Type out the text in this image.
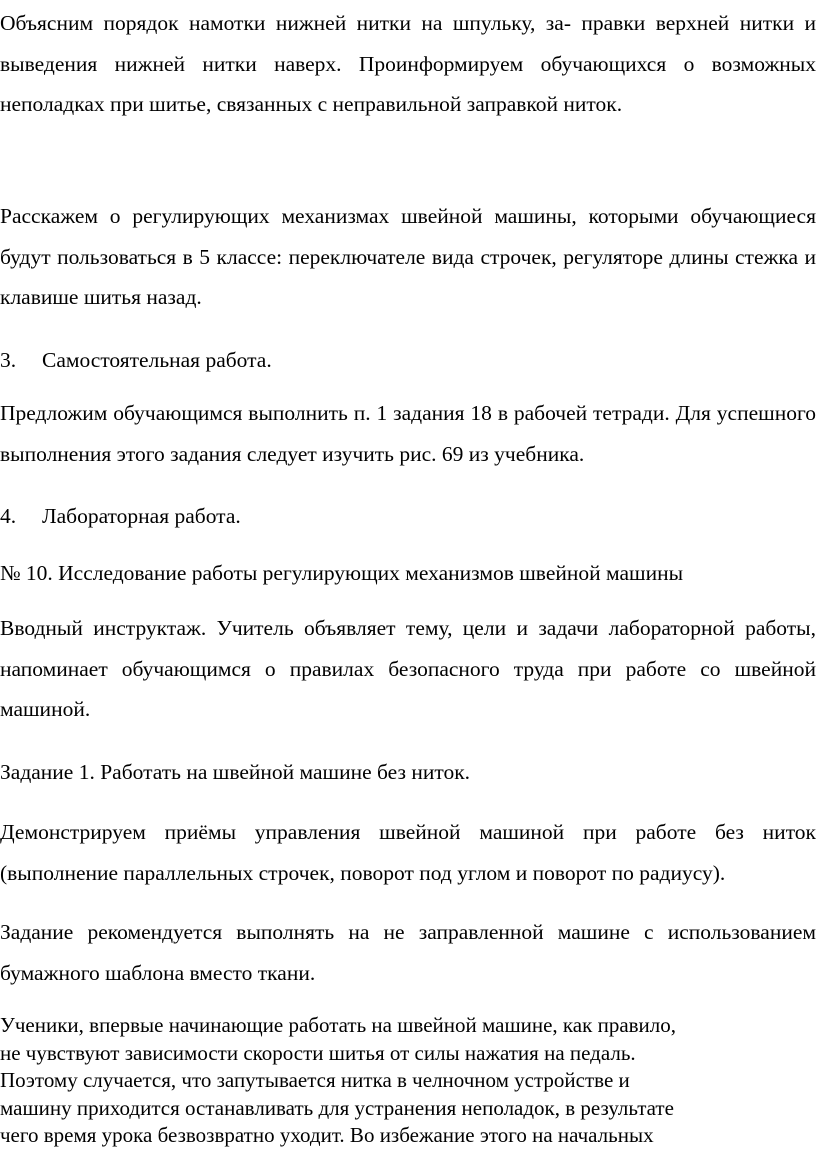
Объясним порядок намотки нижней нитки на шпульку, за- правки верхней нитки и выведения нижней нитки наверх. Проинформируем обучающихся о возможных неполадках при шитье, связанных с неправильной заправкой ниток.

Расскажем о регулирующих механизмах швейной машины, которыми обучающиеся будут пользоваться в 5 классе: переключателе вида строчек, регуляторе длины стежка и клавише шитья назад.

3.	Самостоятельная работа.

Предложим обучающимся выполнить п. 1 задания 18 в рабочей тетради. Для успешного выполнения этого задания следует изучить рис. 69 из учебника.

4.	Лабораторная работа.

№ 10. Исследование работы регулирующих механизмов швейной машины

Вводный инструктаж. Учитель объявляет тему, цели и задачи лабораторной работы, напоминает обучающимся о правилах безопасного труда при работе со швейной машиной.

Задание 1. Работать на швейной машине без ниток.

Демонстрируем приёмы управления швейной машиной при работе без ниток (выполнение параллельных строчек, поворот под углом и поворот по радиусу).

Задание рекомендуется выполнять на не заправленной машине с использованием бумажного шаблона вместо ткани.

Ученики, впервые начинающие работать на швейной машине, как правило,

не чувствуют зависимости скорости шитья от силы нажатия на педаль.

Поэтому случается, что запутывается нитка в челночном устройстве и

машину приходится останавливать для устранения неполадок, в результате

чего время урока безвозвратно уходит. Во избежание этого на начальных
